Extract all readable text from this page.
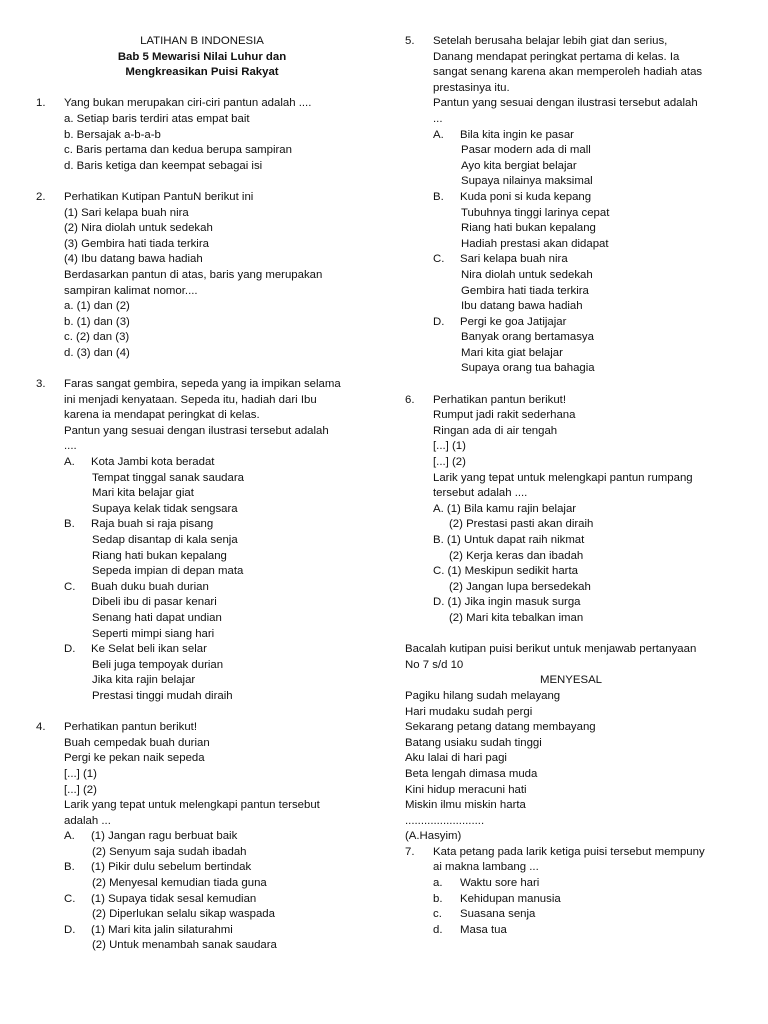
LATIHAN B INDONESIA
Bab 5 Mewarisi Nilai Luhur dan
Mengkreasikan Puisi Rakyat
1. Yang bukan merupakan ciri-ciri pantun adalah ....
a. Setiap baris terdiri atas empat bait
b. Bersajak a-b-a-b
c. Baris pertama dan kedua berupa sampiran
d. Baris ketiga dan keempat sebagai isi
2. Perhatikan Kutipan PantuN berikut ini
(1) Sari kelapa buah nira
(2) Nira diolah untuk sedekah
(3) Gembira hati tiada terkira
(4) Ibu datang bawa hadiah
Berdasarkan pantun di atas, baris yang merupakan
sampiran kalimat nomor....
a. (1) dan (2)
b. (1) dan (3)
c. (2) dan (3)
d. (3) dan (4)
3. Faras sangat gembira, sepeda yang ia impikan selama
ini menjadi kenyataan. Sepeda itu, hadiah dari Ibu
karena ia mendapat peringkat di kelas.
Pantun yang sesuai dengan ilustrasi tersebut adalah
....
A. Kota Jambi kota beradat
Tempat tinggal sanak saudara
Mari kita belajar giat
Supaya kelak tidak sengsara
B. Raja buah si raja pisang
Sedap disantap di kala senja
Riang hati bukan kepalang
Sepeda impian di depan mata
C. Buah duku buah durian
Dibeli ibu di pasar kenari
Senang hati dapat undian
Seperti mimpi siang hari
D. Ke Selat beli ikan selar
Beli juga tempoyak durian
Jika kita rajin belajar
Prestasi tinggi mudah diraih
4. Perhatikan pantun berikut!
Buah cempedak buah durian
Pergi ke pekan naik sepeda
[...] (1)
[...] (2)
Larik yang tepat untuk melengkapi pantun tersebut
adalah ...
A. (1) Jangan ragu berbuat baik
(2) Senyum saja sudah ibadah
B. (1) Pikir dulu sebelum bertindak
(2) Menyesal kemudian tiada guna
C. (1) Supaya tidak sesal kemudian
(2) Diperlukan selalu sikap waspada
D. (1) Mari kita jalin silaturahmi
(2) Untuk menambah sanak saudara
5. Setelah berusaha belajar lebih giat dan serius,
Danang mendapat peringkat pertama di kelas. Ia
sangat senang karena akan memperoleh hadiah atas
prestasinya itu.
Pantun yang sesuai dengan ilustrasi tersebut adalah
...
A. Bila kita ingin ke pasar
Pasar modern ada di mall
Ayo kita bergiat belajar
Supaya nilainya maksimal
B. Kuda poni si kuda kepang
Tubuhnya tinggi larinya cepat
Riang hati bukan kepalang
Hadiah prestasi akan didapat
C. Sari kelapa buah nira
Nira diolah untuk sedekah
Gembira hati tiada terkira
Ibu datang bawa hadiah
D. Pergi ke goa Jatijajar
Banyak orang bertamasya
Mari kita giat belajar
Supaya orang tua bahagia
6. Perhatikan pantun berikut!
Rumput jadi rakit sederhana
Ringan ada di air tengah
[...] (1)
[...] (2)
Larik yang tepat untuk melengkapi pantun rumpang
tersebut adalah ....
A. (1) Bila kamu rajin belajar
(2) Prestasi pasti akan diraih
B. (1) Untuk dapat raih nikmat
(2) Kerja keras dan ibadah
C. (1) Meskipun sedikit harta
(2) Jangan lupa bersedekah
D. (1) Jika ingin masuk surga
(2) Mari kita tebalkan iman
Bacalah kutipan puisi berikut untuk menjawab pertanyaan
No 7 s/d 10
MENYESAL
Pagiku hilang sudah melayang
Hari mudaku sudah pergi
Sekarang petang datang membayang
Batang usiaku sudah tinggi
Aku lalai di hari pagi
Beta lengah dimasa muda
Kini hidup meracuni hati
Miskin ilmu miskin harta
.........................
(A.Hasyim)
7. Kata petang pada larik ketiga puisi tersebut mempuny
ai makna lambang ...
a. Waktu sore hari
b. Kehidupan manusia
c. Suasana senja
d. Masa tua
